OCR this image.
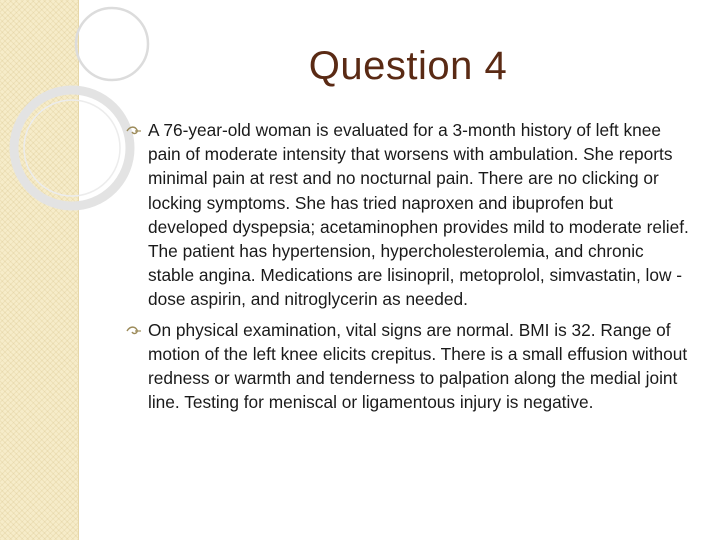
Question 4
A 76-year-old woman is evaluated for a 3-month history of left knee pain of moderate intensity that worsens with ambulation. She reports minimal pain at rest and no nocturnal pain. There are no clicking or locking symptoms. She has tried naproxen and ibuprofen but developed dyspepsia; acetaminophen provides mild to moderate relief. The patient has hypertension, hypercholesterolemia, and chronic stable angina. Medications are lisinopril, metoprolol, simvastatin, low -dose aspirin, and nitroglycerin as needed.
On physical examination, vital signs are normal. BMI is 32. Range of motion of the left knee elicits crepitus. There is a small effusion without redness or warmth and tenderness to palpation along the medial joint line. Testing for meniscal or ligamentous injury is negative.
